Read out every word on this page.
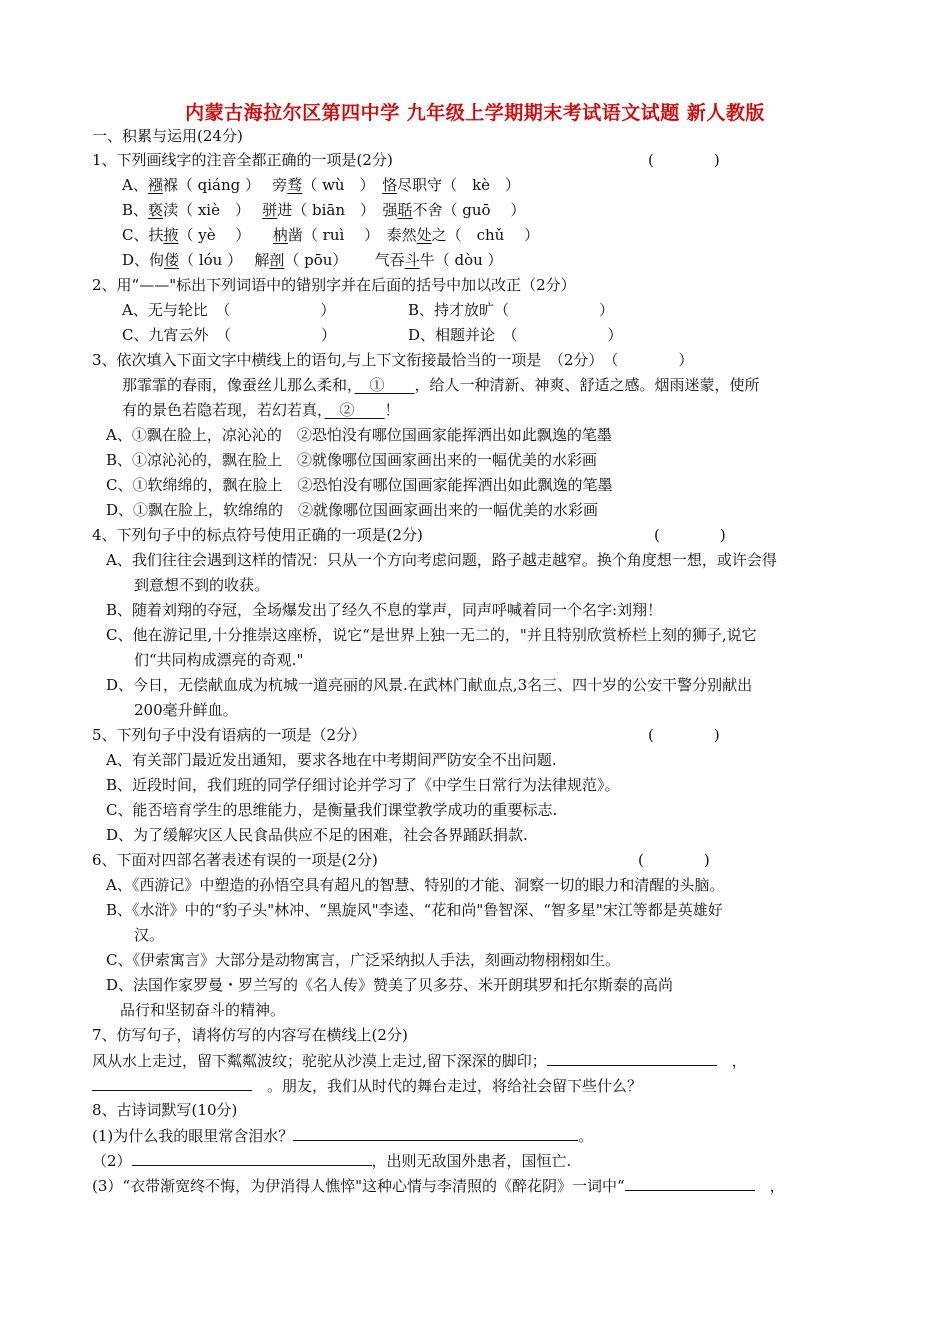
内蒙古海拉尔区第四中学 九年级上学期期末考试语文试题 新人教版
一、积累与运用(24分)
1、下列画线字的注音全都正确的一项是(2分)	(　　　　)
A、襁褓（ qiáng ）　 旁骛（ wù　）　恪尽职守（　kè　）
B、亵渎（ xiè　）　 骈进（ biān　）　强聒不舍（ guō　 ）
C、扶掖（ yè　 ）　　枘凿（ ruì　 ）　泰然处之（　chǔ　 ）
D、佝偻（ lóu ）　 解剖（ pōu）　　 气吞斗牛（ dòu ）
2、用“——"标出下列词语中的错别字并在后面的括号中加以改正（2分）
A、无与轮比　（　　　　　　）	B、持才放旷（　　　　　　）
C、九宵云外　（　　　　　　）	D、相题并论　（　　　　　　）
3、依次填入下面文字中横线上的语句,与上下文衔接最恰当的一项是　（2分）　（　　　　）
那霏霏的春雨，像蚕丝儿那么柔和，　①　　，给人一种清新、神爽、舒适之感。烟雨迷蒙，使所
有的景色若隐若现，若幻若真，　②　　！
A、①飘在脸上，凉沁沁的　②恐怕没有哪位国画家能挥洒出如此飘逸的笔墨
B、①凉沁沁的，飘在脸上　②就像哪位国画家画出来的一幅优美的水彩画
C、①软绵绵的，飘在脸上　②恐怕没有哪位国画家能挥洒出如此飘逸的笔墨
D、①飘在脸上，软绵绵的　②就像哪位国画家画出来的一幅优美的水彩画
4、下列句子中的标点符号使用正确的一项是(2分)	(　　　　)
A、我们往往会遇到这样的情况：只从一个方向考虑问题，路子越走越窄。换个角度想一想，或许会得
到意想不到的收获。
B、随着刘翔的夺冠，全场爆发出了经久不息的掌声，同声呼喊着同一个名字:刘翔！
C、他在游记里,十分推崇这座桥，说它“是世界上独一无二的，"并且特别欣赏桥栏上刻的狮子,说它
们“共同构成漂亮的奇观."
D、今日，无偿献血成为杭城一道亮丽的风景.在武林门献血点,3名三、四十岁的公安干警分别献出
200毫升鲜血。
5、下列句子中没有语病的一项是（2分）	(　　　　)
A、有关部门最近发出通知，要求各地在中考期间严防安全不出问题.
B、近段时间，我们班的同学仔细讨论并学习了《中学生日常行为法律规范》。
C、能否培育学生的思维能力，是衡量我们课堂教学成功的重要标志.
D、为了缓解灾区人民食品供应不足的困难，社会各界踊跃捐款.
6、下面对四部名著表述有误的一项是(2分)	(　　　　)
A、《西游记》中塑造的孙悟空具有超凡的智慧、特别的才能、洞察一切的眼力和清醒的头脑。
B、《水浒》中的“豹子头"林冲、“黑旋风"李逵、“花和尚"鲁智深、“智多星"宋江等都是英雄好
汉。
C、《伊索寓言》大部分是动物寓言，广泛采纳拟人手法，刻画动物栩栩如生。
D、法国作家罗曼・罗兰写的《名人传》赞美了贝多芬、米开朗琪罗和托尔斯泰的高尚
品行和坚韧奋斗的精神。
7、仿写句子，请将仿写的内容写在横线上(2分)
风从水上走过，留下粼粼波纹；驼驼从沙漠上走过,留下深深的脚印；　	，
　。朋友，我们从时代的舞台走过，将给社会留下些什么？
8、古诗词默写(10分)
(1)为什么我的眼里常含泪水？	。
（2）	，出则无敌国外患者，国恒亡.
(3）“衣带渐宽终不悔，为伊消得人憔悴"这种心情与李清照的《醉花阴》一词中“　	，
